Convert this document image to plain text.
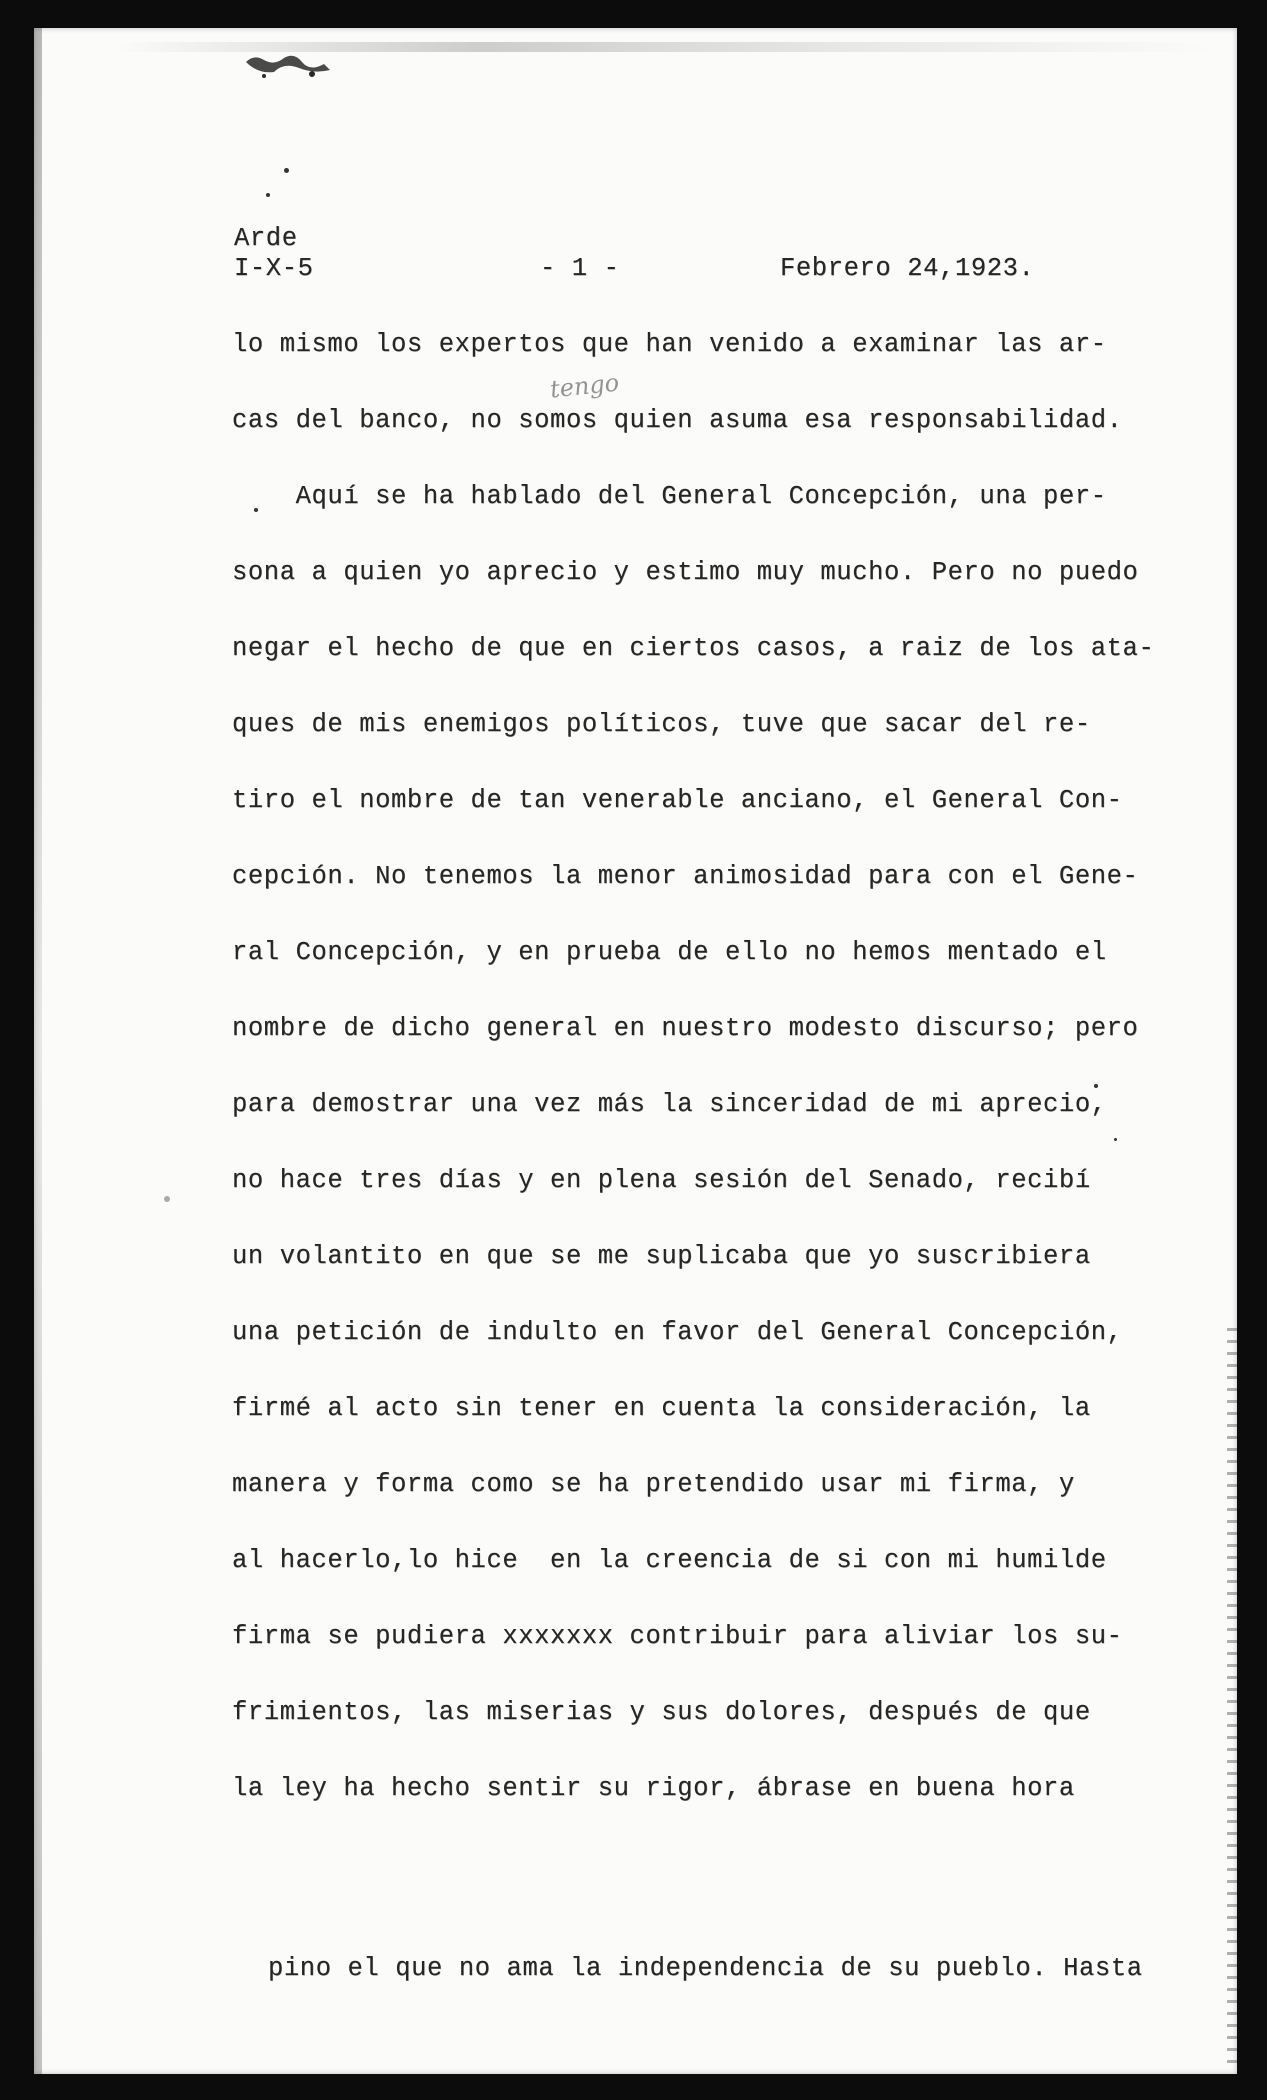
Arde
I-X-5	- 1 -	Febrero 24,1923.
tengo
lo mismo los expertos que han venido a examinar las ar-
cas del banco, no somos quien asuma esa responsabilidad.
Aquí se ha hablado del General Concepción, una per-
sona a quien yo aprecio y estimo muy mucho. Pero no puedo
negar el hecho de que en ciertos casos, a raiz de los ata-
ques de mis enemigos políticos, tuve que sacar del re-
tiro el nombre de tan venerable anciano, el General Con-
cepción. No tenemos la menor animosidad para con el Gene-
ral Concepción, y en prueba de ello no hemos mentado el
nombre de dicho general en nuestro modesto discurso; pero
para demostrar una vez más la sinceridad de mi aprecio,
no hace tres días y en plena sesión del Senado, recibí
un volantito en que se me suplicaba que yo suscribiera
una petición de indulto en favor del General Concepción,
firmé al acto sin tener en cuenta la consideración, la
manera y forma como se ha pretendido usar mi firma, y
al hacerlo,lo hice  en la creencia de si con mi humilde
firma se pudiera xxxxxxx contribuir para aliviar los su-
frimientos, las miserias y sus dolores, después de que
la ley ha hecho sentir su rigor, ábrase en buena hora
pino el que no ama la independencia de su pueblo. Hasta
